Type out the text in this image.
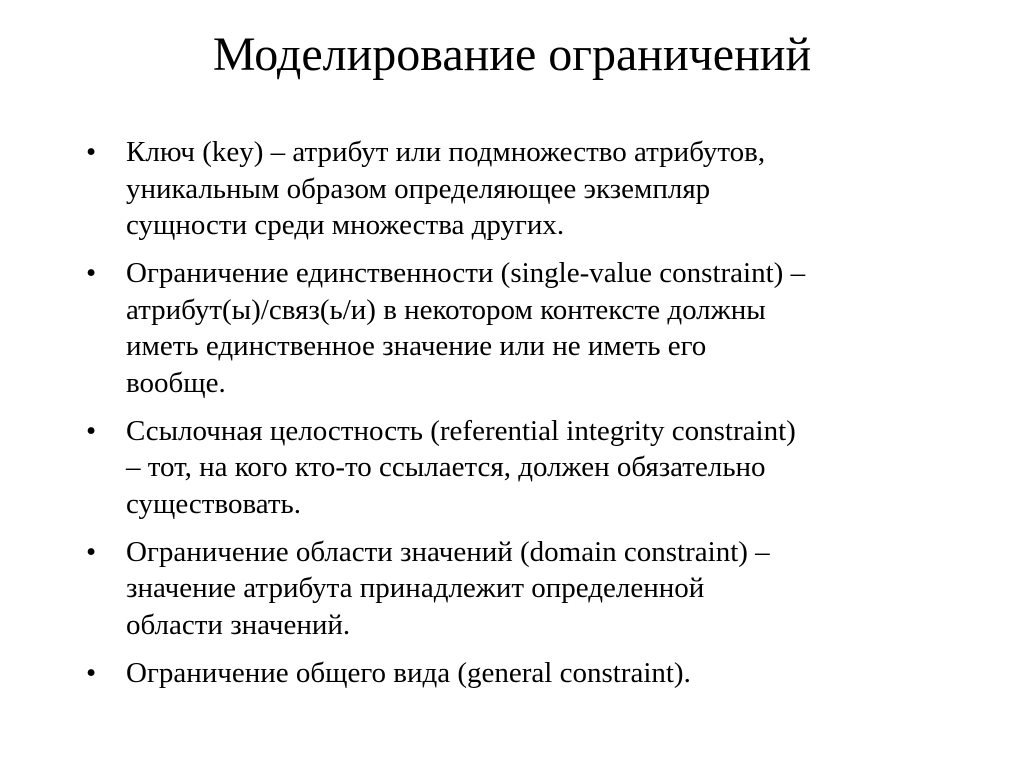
Моделирование ограничений
•	Ключ (key) – атрибут или подмножество атрибутов,
уникальным образом определяющее экземпляр
сущности среди множества других.
•	Ограничение единственности (single-value constraint) –
атрибут(ы)/связ(ь/и) в некотором контексте должны
иметь единственное значение или не иметь его
вообще.
•	Ссылочная целостность (referential integrity constraint)
– тот, на кого кто-то ссылается, должен обязательно
существовать.
•	Ограничение области значений (domain constraint) –
значение атрибута принадлежит определенной
области значений.
•	Ограничение общего вида (general constraint).
